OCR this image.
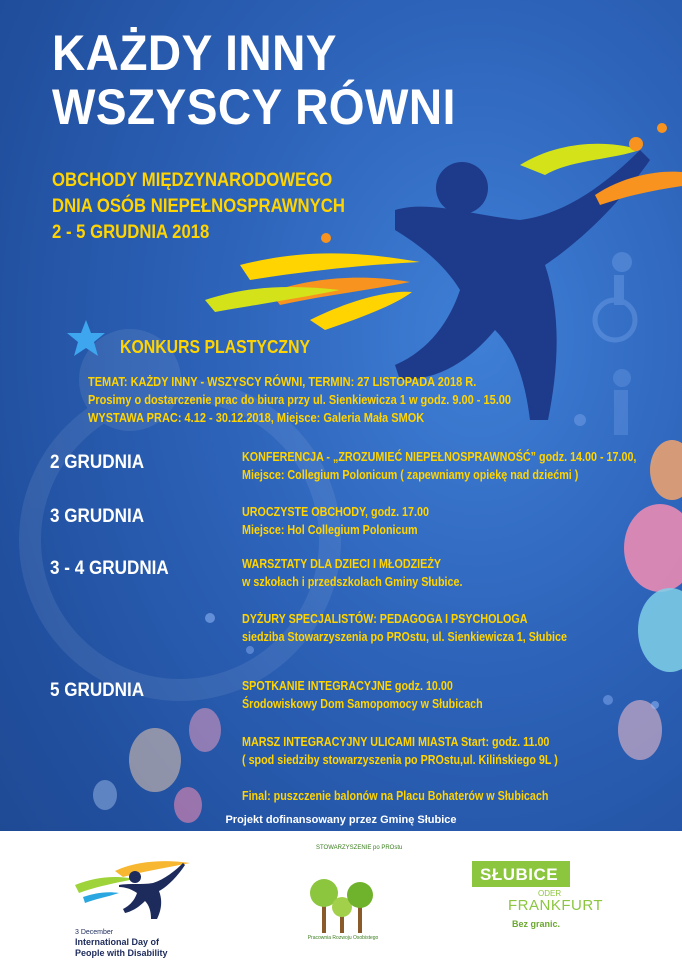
KAŻDY INNY
WSZYSCY RÓWNI
OBCHODY MIĘDZYNARODOWEGO
DNIA OSÓB NIEPEŁNOSPRAWNYCH
2 - 5 GRUDNIA 2018
KONKURS PLASTYCZNY
TEMAT: KAŻDY INNY - WSZYSCY RÓWNI, TERMIN: 27 LISTOPADA 2018 R.
Prosimy o dostarczenie prac do biura przy ul. Sienkiewicza 1 w godz. 9.00 - 15.00
WYSTAWA PRAC: 4.12 - 30.12.2018, Miejsce: Galeria Mała SMOK
2 GRUDNIA	KONFERENCJA - „ZROZUMIEĆ NIEPEŁNOSPRAWNOŚĆ” godz. 14.00 - 17.00,
Miejsce: Collegium Polonicum ( zapewniamy opiekę nad dziećmi )
3 GRUDNIA	UROCZYSTE OBCHODY, godz. 17.00
Miejsce: Hol Collegium Polonicum
3 - 4 GRUDNIA	WARSZTATY DLA DZIECI I MŁODZIEŻY
w szkołach i przedszkolach Gminy Słubice.
DYŻURY SPECJALISTÓW: PEDAGOGA I PSYCHOLOGA
siedziba Stowarzyszenia po PROstu, ul. Sienkiewicza 1, Słubice
5 GRUDNIA	SPOTKANIE INTEGRACYJNE godz. 10.00
Środowiskowy Dom Samopomocy w Słubicach
MARSZ INTEGRACYJNY ULICAMI MIASTA Start: godz. 11.00
( spod siedziby stowarzyszenia po PROstu,ul. Kilińskiego 9L )
Final: puszczenie balonów na Placu Bohaterów w Słubicach
Projekt dofinansowany przez Gminę Słubice
3 December
International Day of
People with Disability
STOWARZYSZENIE po PROstu
Pracownia Rozwoju Osobistego
SŁUBICE
ODER
FRANKFURT
Bez granic.
